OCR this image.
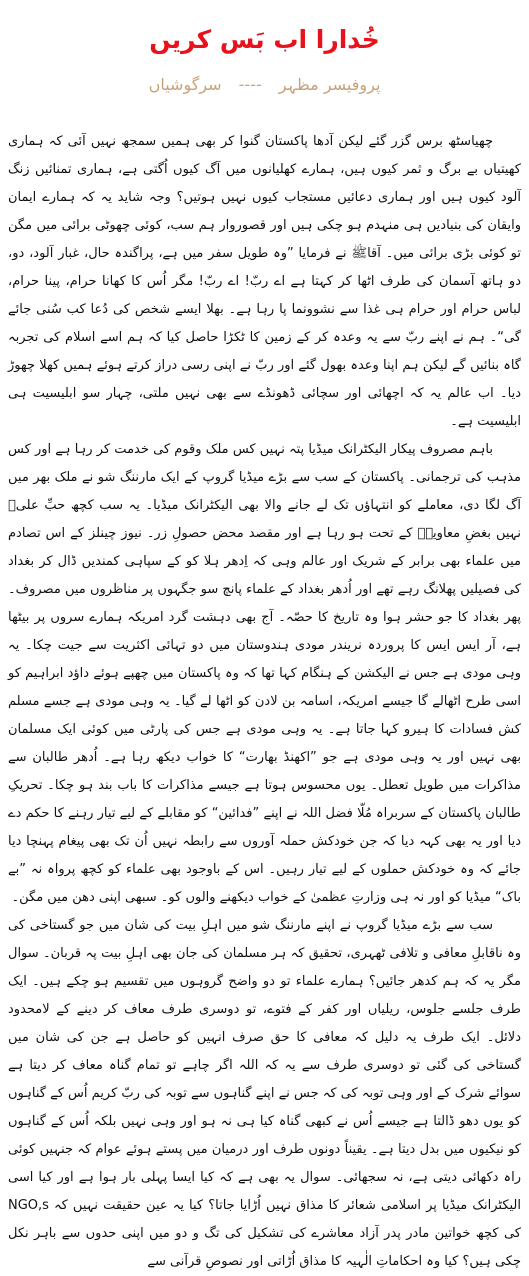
خُدارا اب بَس کریں
پروفیسر مظہر ---- سرگوشیاں

چھیاسٹھ برس گزر گئے لیکن آدھا پاکستان گنوا کر بھی ہمیں سمجھ نہیں آئی کہ ہماری کھیتیاں بے برگ و ثمر کیوں ہیں، ہمارے کھلیانوں میں آگ کیوں اُگتی ہے، ہماری تمنائیں زنگ آلود کیوں ہیں اور ہماری دعائیں مستجاب کیوں نہیں ہوتیں؟ وجہ شاید یہ کہ ہمارے ایمان وایقان کی بنیادیں ہی منہدم ہو چکی ہیں اور قصوروار ہم سب، کوئی چھوٹی برائی میں مگن تو کوئی بڑی برائی میں۔ آقاﷺ نے فرمایا ”وہ طویل سفر میں ہے، پراگندہ حال، غبار آلود، دو، دو ہاتھ آسمان کی طرف اٹھا کر کہتا ہے اے ربّ! اے ربّ! مگر اُس کا کھانا حرام، پینا حرام، لباس حرام اور حرام ہی غذا سے نشوونما پا رہا ہے۔ بھلا ایسے شخص کی دُعا کب سُنی جائے گی“۔ ہم نے اپنے ربّ سے یہ وعدہ کر کے زمین کا ٹکڑا حاصل کیا کہ ہم اسے اسلام کی تجربہ گاہ بنائیں گے لیکن ہم اپنا وعدہ بھول گئے اور ربّ نے اپنی رسی دراز کرتے ہوئے ہمیں کھلا چھوڑ دیا۔ اب عالم یہ کہ اچھائی اور سچائی ڈھونڈے سے بھی نہیں ملتی، چہار سو ابلیسیت ہی ابلیسیت ہے۔

باہم مصروف پیکار الیکٹرانک میڈیا پتہ نہیں کس ملک وقوم کی خدمت کر رہا ہے اور کس مذہب کی ترجمانی۔ پاکستان کے سب سے بڑے میڈیا گروپ کے ایک مارننگ شو نے ملک بھر میں آگ لگا دی، معاملے کو انتہاؤں تک لے جانے والا بھی الیکٹرانک میڈیا۔ یہ سب کچھ حبِّ علیؓ نہیں بغضِ معاویہؓ کے تحت ہو رہا ہے اور مقصد محض حصولِ زر۔ نیوز چینلز کے اس تصادم میں علماء بھی برابر کے شریک اور عالم وہی کہ اِدھر ہلا کو کے سپاہی کمندیں ڈال کر بغداد کی فصیلیں پھلانگ رہے تھے اور اُدھر بغداد کے علماء پانچ سو جگہوں پر مناظروں میں مصروف۔ پھر بغداد کا جو حشر ہوا وہ تاریخ کا حصّہ۔ آج بھی دہشت گرد امریکہ ہمارے سروں پر بیٹھا ہے، آر ایس ایس کا پروردہ نریندر مودی ہندوستان میں دو تہائی اکثریت سے جیت چکا۔ یہ وہی مودی ہے جس نے الیکشن کے ہنگام کہا تھا کہ وہ پاکستان میں چھپے ہوئے داؤد ابراہیم کو اسی طرح اٹھالے گا جیسے امریکہ، اسامہ بن لادن کو اٹھا لے گیا۔ یہ وہی مودی ہے جسے مسلم کش فسادات کا ہیرو کہا جاتا ہے۔ یہ وہی مودی ہے جس کی پارٹی میں کوئی ایک مسلمان بھی نہیں اور یہ وہی مودی ہے جو ”اکھنڈ بھارت“ کا خواب دیکھ رہا ہے۔ اُدھر طالبان سے مذاکرات میں طویل تعطل۔ یوں محسوس ہوتا ہے جیسے مذاکرات کا باب بند ہو چکا۔ تحریکِ طالبان پاکستان کے سربراہ مُلّا فضل اللہ نے اپنے ”فدائین“ کو مقابلے کے لیے تیار رہنے کا حکم دے دیا اور یہ بھی کہہ دیا کہ جن خودکش حملہ آوروں سے رابطہ نہیں اُن تک بھی پیغام پہنچا دیا جائے کہ وہ خودکش حملوں کے لیے تیار رہیں۔ اس کے باوجود بھی علماء کو کچھ پرواہ نہ ”بے باک“ میڈیا کو اور نہ ہی وزارتِ عظمیٰ کے خواب دیکھنے والوں کو۔ سبھی اپنی دھن میں مگن۔

سب سے بڑے میڈیا گروپ نے اپنے مارننگ شو میں اہلِ بیت کی شان میں جو گستاخی کی وہ ناقابلِ معافی و تلافی ٹھہری، تحقیق کہ ہر مسلمان کی جان بھی اہلِ بیت پہ قربان۔ سوال مگر یہ کہ ہم کدھر جائیں؟ ہمارے علماء تو دو واضح گروہوں میں تقسیم ہو چکے ہیں۔ ایک طرف جلسے جلوس، ریلیاں اور کفر کے فتوے، تو دوسری طرف معاف کر دینے کے لامحدود دلائل۔ ایک طرف یہ دلیل کہ معافی کا حق صرف انہیں کو حاصل ہے جن کی شان میں گستاخی کی گئی تو دوسری طرف سے یہ کہ اللہ اگر چاہے تو تمام گناہ معاف کر دیتا ہے سوائے شرک کے اور وہی توبہ کی کہ جس نے اپنے گناہوں سے توبہ کی ربّ کریم اُس کے گناہوں کو یوں دھو ڈالتا ہے جیسے اُس نے کبھی گناہ کیا ہی نہ ہو اور وہی نہیں بلکہ اُس کے گناہوں کو نیکیوں میں بدل دیتا ہے۔ یقیناً دونوں طرف اور درمیان میں پستے ہوئے عوام کہ جنہیں کوئی راہ دکھائی دیتی ہے، نہ سجھائی۔ سوال یہ بھی ہے کہ کیا ایسا پہلی بار ہوا ہے اور کیا اسی الیکٹرانک میڈیا پر اسلامی شعائر کا مذاق نہیں اُڑایا جاتا؟ کیا یہ عین حقیقت نہیں کہ NGO,s کی کچھ خواتین مادر پدر آزاد معاشرے کی تشکیل کی تگ و دو میں اپنی حدوں سے باہر نکل چکی ہیں؟ کیا وہ احکاماتِ الٰہیہ کا مذاق اُڑاتی اور نصوصِ قرآنی سے
